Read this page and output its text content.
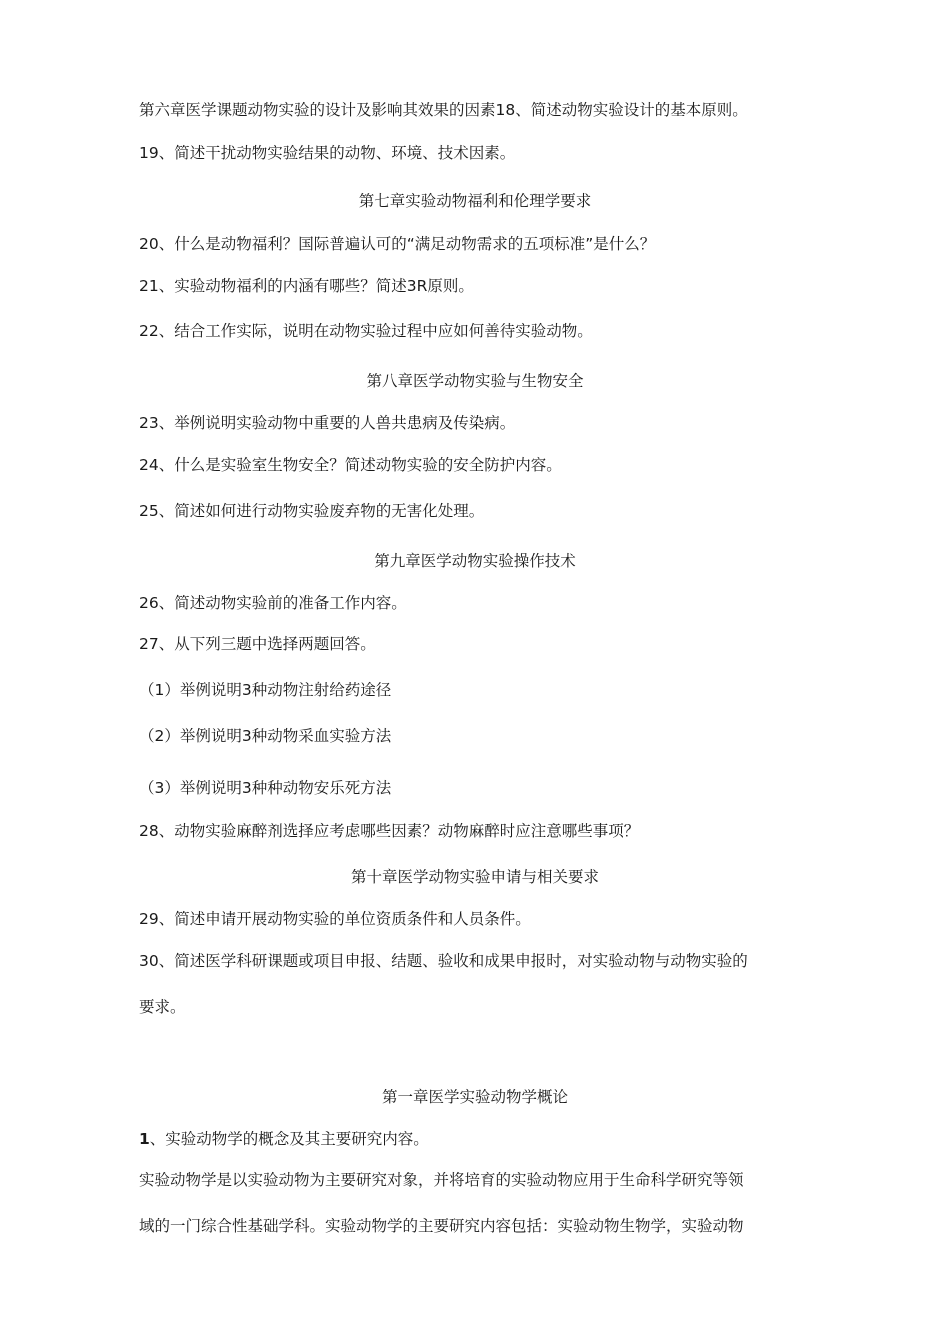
第六章医学课题动物实验的设计及影响其效果的因素18、简述动物实验设计的基本原则。
19、简述干扰动物实验结果的动物、环境、技术因素。
第七章实验动物福利和伦理学要求
20、什么是动物福利？国际普遍认可的“满足动物需求的五项标准”是什么？
21、实验动物福利的内涵有哪些？简述3R原则。
22、结合工作实际，说明在动物实验过程中应如何善待实验动物。
第八章医学动物实验与生物安全
23、举例说明实验动物中重要的人兽共患病及传染病。
24、什么是实验室生物安全？简述动物实验的安全防护内容。
25、简述如何进行动物实验废弃物的无害化处理。
第九章医学动物实验操作技术
26、简述动物实验前的准备工作内容。
27、从下列三题中选择两题回答。
（1）举例说明3种动物注射给药途径
（2）举例说明3种动物采血实验方法
（3）举例说明3种种动物安乐死方法
28、动物实验麻醉剂选择应考虑哪些因素？动物麻醉时应注意哪些事项？
第十章医学动物实验申请与相关要求
29、简述申请开展动物实验的单位资质条件和人员条件。
30、简述医学科研课题或项目申报、结题、验收和成果申报时，对实验动物与动物实验的
要求。
第一章医学实验动物学概论
1、实验动物学的概念及其主要研究内容。
实验动物学是以实验动物为主要研究对象，并将培育的实验动物应用于生命科学研究等领
域的一门综合性基础学科。实验动物学的主要研究内容包括：实验动物生物学，实验动物
